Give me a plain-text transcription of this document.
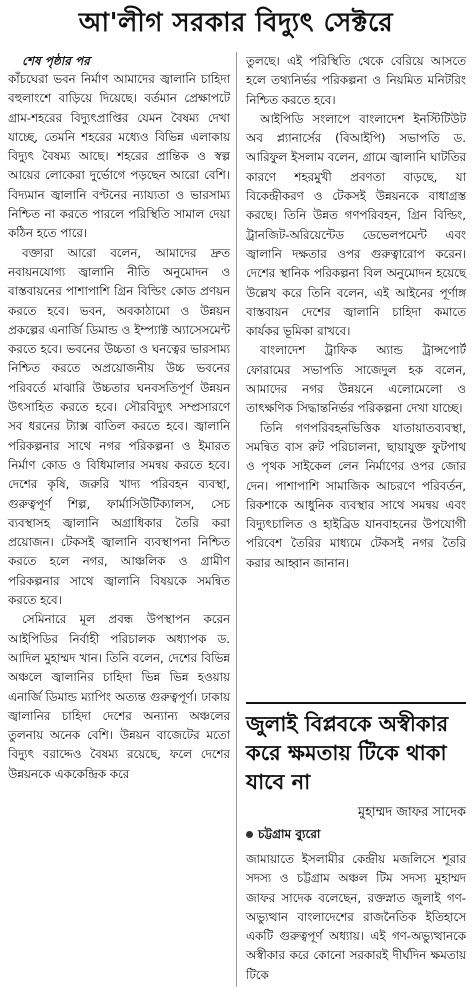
আ'লীগ সরকার বিদ্যুৎ সেক্টরে

শেষ পৃষ্ঠার পর

কাঁচঘেরা ভবন নির্মাণ আমাদের জ্বালানি চাহিদা বহুলাংশে বাড়িয়ে দিয়েছে। বর্তমান প্রেক্ষাপটে গ্রাম-শহরের বিদ্যুৎপ্রাপ্তির যেমন বৈষম্য দেখা যাচ্ছে, তেমনি শহরের মধ্যেও বিভিন্ন এলাকায় বিদ্যুৎ বৈষম্য আছে। শহরের প্রান্তিক ও স্বল্প আয়ের লোকেরা দুর্ভোগে পড়ছেন আরো বেশি। বিদ্যমান জ্বালানি বণ্টনের ন্যায্যতা ও ভারসাম্য নিশ্চিত না করতে পারলে পরিস্থিতি সামাল দেয়া কঠিন হতে পারে।

বক্তারা আরো বলেন, আমাদের দ্রুত নবায়নযোগ্য জ্বালানি নীতি অনুমোদন ও বাস্তবায়নের পাশাপাশি গ্রিন বিল্ডিং কোড প্রণয়ন করতে হবে। ভবন, অবকাঠামো ও উন্নয়ন প্রকল্পের এনার্জি ডিমান্ড ও ইম্প্যাক্ট অ্যাসেসমেন্ট করতে হবে। ভবনের উচ্চতা ও ঘনত্বের ভারসাম্য নিশ্চিত করতে অপ্রয়োজনীয় উচ্চ ভবনের পরিবর্তে মাঝারি উচ্চতার ঘনবসতিপূর্ণ উন্নয়ন উৎসাহিত করতে হবে। সৌরবিদ্যুৎ সম্প্রসারণে সব ধরনের ট্যাক্স বাতিল করতে হবে। জ্বালানি পরিকল্পনার সাথে নগর পরিকল্পনা ও ইমারত নির্মাণ কোড ও বিধিমালার সমন্বয় করতে হবে। দেশের কৃষি, জরুরি খাদ্য পরিবহন ব্যবস্থা, গুরুত্বপূর্ণ শিল্প, ফার্মাসিউটিক্যালস, সেচ ব্যবস্থাসহ জ্বালানি অগ্রাধিকার তৈরি করা প্রয়োজন। টেকসই জ্বালানি ব্যবস্থাপনা নিশ্চিত করতে হলে নগর, আঞ্চলিক ও গ্রামীণ পরিকল্পনার সাথে জ্বালানি বিষয়কে সমন্বিত করতে হবে।

সেমিনারে মূল প্রবন্ধ উপস্থাপন করেন আইপিডির নির্বাহী পরিচালক অধ্যাপক ড. আদিল মুহাম্মদ খান। তিনি বলেন, দেশের বিভিন্ন অঞ্চলে জ্বালানির চাহিদা ভিন্ন ভিন্ন হওয়ায় এনার্জি ডিমান্ড ম্যাপিং অত্যন্ত গুরুত্বপূর্ণ। ঢাকায় জ্বালানির চাহিদা দেশের অন্যান্য অঞ্চলের তুলনায় অনেক বেশি। উন্নয়ন বাজেটের মতো বিদ্যুৎ বরাদ্দেও বৈষম্য রয়েছে, ফলে দেশের উন্নয়নকে এককেন্দ্রিক করে

তুলছে। এই পরিস্থিতি থেকে বেরিয়ে আসতে হলে তথ্যনির্ভর পরিকল্পনা ও নিয়মিত মনিটরিং নিশ্চিত করতে হবে।

আইপিডি সংলাপে বাংলাদেশ ইনস্টিটিউট অব প্ল্যানার্সের (বিআইপি) সভাপতি ড. আরিফুল ইসলাম বলেন, গ্রামে জ্বালানি ঘাটতির কারণে শহরমুখী প্রবণতা বাড়ছে, যা বিকেন্দ্রীকরণ ও টেকসই উন্নয়নকে বাধাগ্রস্ত করছে। তিনি উন্নত গণপরিবহন, গ্রিন বিল্ডিং, ট্রানজিট-অরিয়েন্টেড ডেভেলপমেন্ট এবং জ্বালানি দক্ষতার ওপর গুরুত্বারোপ করেন। দেশের স্থানিক পরিকল্পনা বিল অনুমোদন হয়েছে উল্লেখ করে তিনি বলেন, এই আইনের পূর্ণাঙ্গ বাস্তবায়ন দেশের জ্বালানি চাহিদা কমাতে কার্যকর ভূমিকা রাখবে।

বাংলাদেশ ট্রাফিক অ্যান্ড ট্রান্সপোর্ট ফোরামের সভাপতি সাজেদুল হক বলেন, আমাদের নগর উন্নয়নে এলোমেলো ও তাৎক্ষণিক সিদ্ধান্তনির্ভর পরিকল্পনা দেখা যাচ্ছে।

তিনি গণপরিবহনভিত্তিক যাতায়াতব্যবস্থা, সমন্বিত বাস রুট পরিচালনা, ছায়াযুক্ত ফুটপাথ ও পৃথক সাইকেল লেন নির্মাণের ওপর জোর দেন। পাশাপাশি সামাজিক আচরণে পরিবর্তন, রিকশাকে আধুনিক ব্যবস্থার সাথে সমন্বয় এবং বিদ্যুৎচালিত ও হাইব্রিড যানবাহনের উপযোগী পরিবেশ তৈরির মাধ্যমে টেকসই নগর তৈরি করার আহ্বান জানান।

জুলাই বিপ্লবকে অস্বীকার করে ক্ষমতায় টিকে থাকা যাবে না
মুহাম্মদ জাফর সাদেক
চট্টগ্রাম ব্যুরো

জামায়াতে ইসলামীর কেন্দ্রীয় মজলিসে শূরার সদস্য ও চট্টগ্রাম অঞ্চল টিম সদস্য মুহাম্মদ জাফর সাদেক বলেছেন, রক্তস্নাত জুলাই গণ-অভ্যুত্থান বাংলাদেশের রাজনৈতিক ইতিহাসে একটি গুরুত্বপূর্ণ অধ্যায়। এই গণ-অভ্যুত্থানকে অস্বীকার করে কোনো সরকারই দীর্ঘদিন ক্ষমতায় টিকে
